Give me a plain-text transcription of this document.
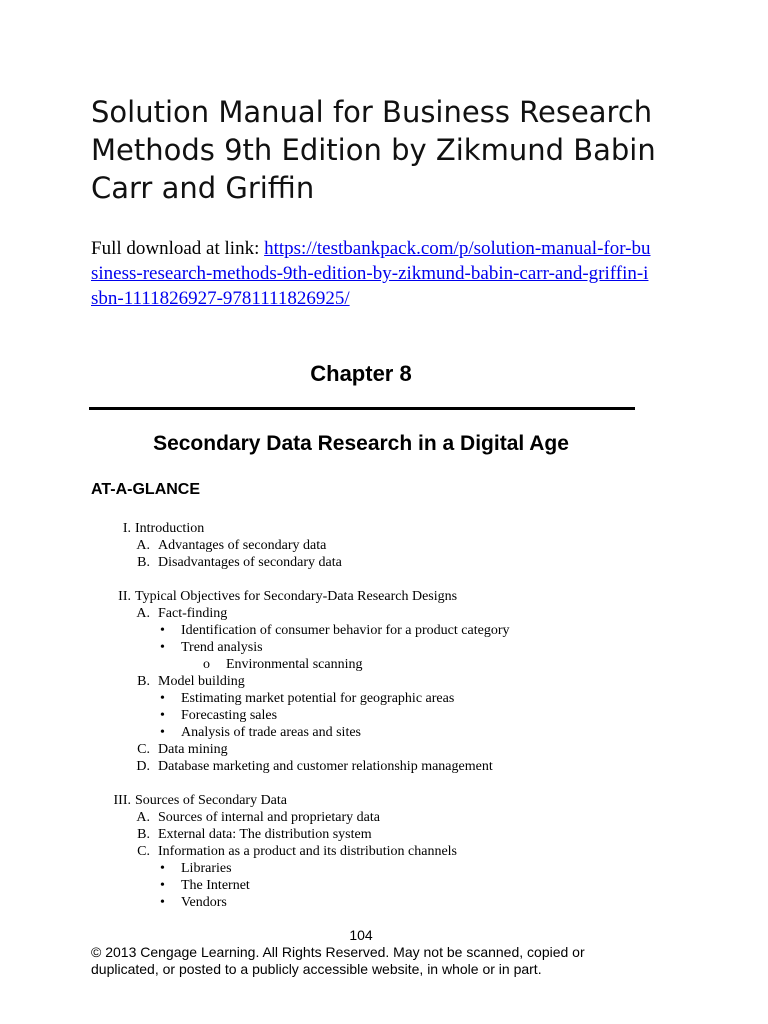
Solution Manual for Business Research Methods 9th Edition by Zikmund Babin Carr and Griffin
Full download at link: https://testbankpack.com/p/solution-manual-for-business-research-methods-9th-edition-by-zikmund-babin-carr-and-griffin-isbn-1111826927-9781111826925/
Chapter 8
Secondary Data Research in a Digital Age
AT-A-GLANCE
I. Introduction
A. Advantages of secondary data
B. Disadvantages of secondary data
II. Typical Objectives for Secondary-Data Research Designs
A. Fact-finding
• Identification of consumer behavior for a product category
• Trend analysis
o Environmental scanning
B. Model building
• Estimating market potential for geographic areas
• Forecasting sales
• Analysis of trade areas and sites
C. Data mining
D. Database marketing and customer relationship management
III. Sources of Secondary Data
A. Sources of internal and proprietary data
B. External data: The distribution system
C. Information as a product and its distribution channels
• Libraries
• The Internet
• Vendors
104
© 2013 Cengage Learning. All Rights Reserved. May not be scanned, copied or duplicated, or posted to a publicly accessible website, in whole or in part.
